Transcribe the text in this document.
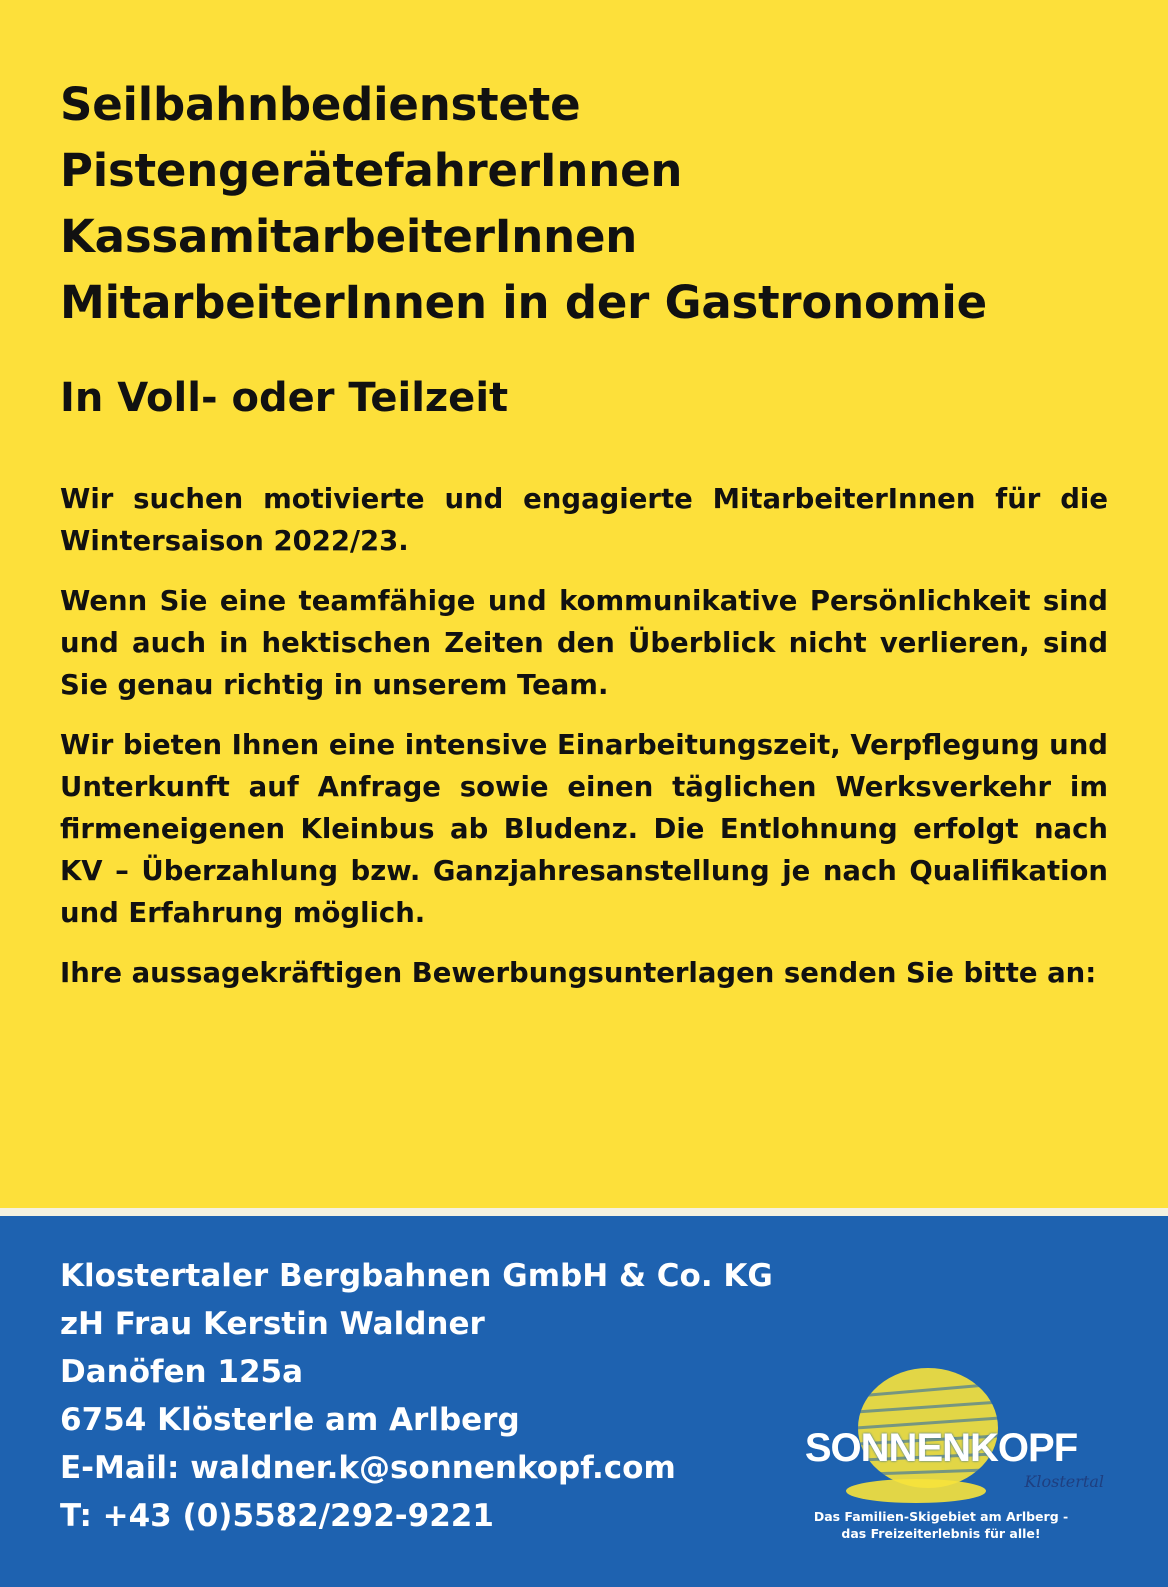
Seilbahnbedienstete
PistengerätefahrerInnen
KassamitarbeiterInnen
MitarbeiterInnen in der Gastronomie
In Voll- oder Teilzeit

Wir suchen motivierte und engagierte MitarbeiterInnen für die Wintersaison 2022/23.

Wenn Sie eine teamfähige und kommunikative Persönlichkeit sind und auch in hektischen Zeiten den Überblick nicht verlieren, sind Sie genau richtig in unserem Team.

Wir bieten Ihnen eine intensive Einarbeitungszeit, Verpflegung und Unterkunft auf Anfrage sowie einen täglichen Werksverkehr im firmeneigenen Kleinbus ab Bludenz. Die Entlohnung erfolgt nach KV – Überzahlung bzw. Ganzjahresanstellung je nach Qualifikation und Erfahrung möglich.

Ihre aussagekräftigen Bewerbungsunterlagen senden Sie bitte an:

Klostertaler Bergbahnen GmbH & Co. KG
zH Frau Kerstin Waldner
Danöfen 125a
6754 Klösterle am Arlberg
E-Mail: waldner.k@sonnenkopf.com
T: +43 (0)5582/292-9221
SONNENKOPF
Klostertal
Das Familien-Skigebiet am Arlberg -
das Freizeiterlebnis für alle!
